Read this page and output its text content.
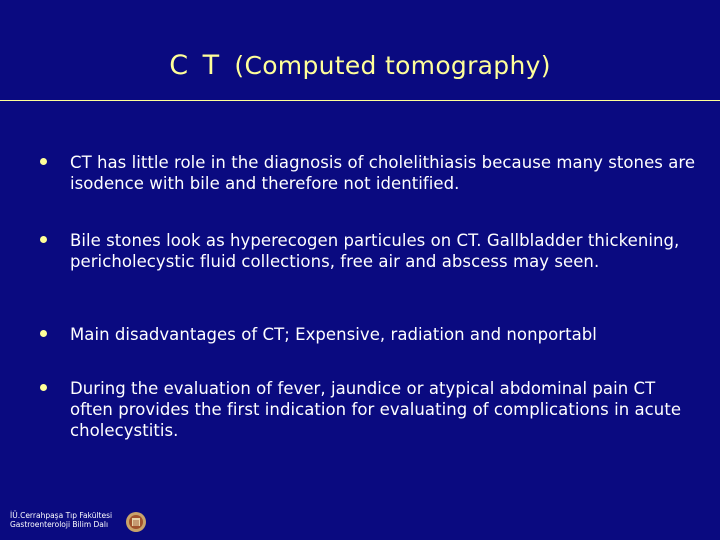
C T (Computed tomography)
CT has little role in the diagnosis of cholelithiasis because many stones are isodence with bile and therefore not identified.
Bile stones look as hyperecogen particules on CT. Gallbladder thickening, pericholecystic fluid collections, free air and abscess may seen.
Main disadvantages of CT; Expensive, radiation and nonportabl
During the evaluation of fever, jaundice or atypical abdominal pain CT often provides the first indication for evaluating of complications in acute cholecystitis.
İÜ.Cerrahpaşa Tıp Fakültesi
Gastroenteroloji Bilim Dalı
